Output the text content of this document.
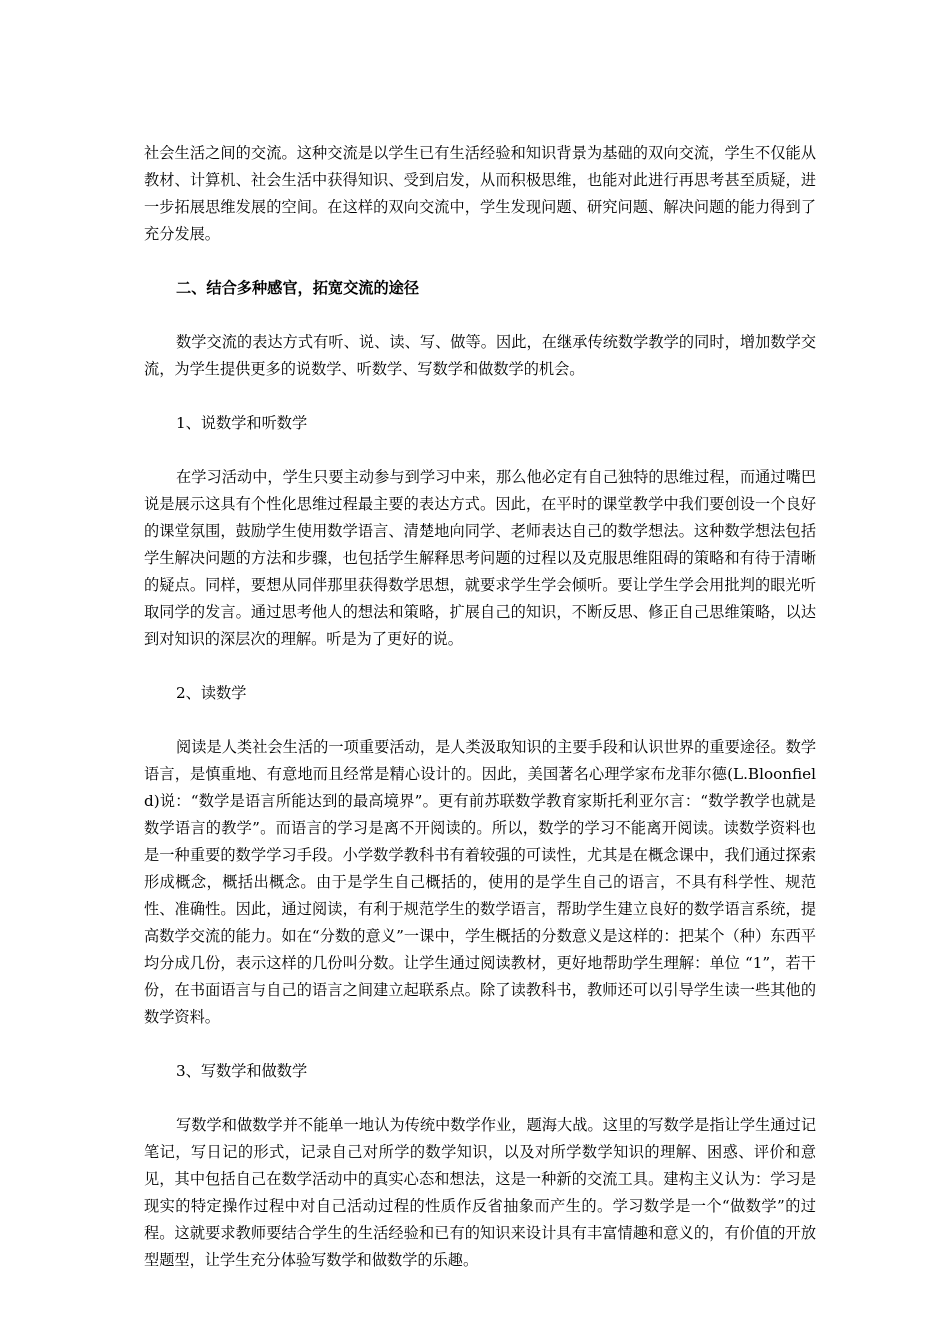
社会生活之间的交流。这种交流是以学生已有生活经验和知识背景为基础的双向交流，学生不仅能从教材、计算机、社会生活中获得知识、受到启发，从而积极思维，也能对此进行再思考甚至质疑，进一步拓展思维发展的空间。在这样的双向交流中，学生发现问题、研究问题、解决问题的能力得到了充分发展。

二、结合多种感官，拓宽交流的途径

数学交流的表达方式有听、说、读、写、做等。因此，在继承传统数学教学的同时，增加数学交流，为学生提供更多的说数学、听数学、写数学和做数学的机会。

1、说数学和听数学

在学习活动中，学生只要主动参与到学习中来，那么他必定有自己独特的思维过程，而通过嘴巴说是展示这具有个性化思维过程最主要的表达方式。因此，在平时的课堂教学中我们要创设一个良好的课堂氛围，鼓励学生使用数学语言、清楚地向同学、老师表达自己的数学想法。这种数学想法包括学生解决问题的方法和步骤，也包括学生解释思考问题的过程以及克服思维阻碍的策略和有待于清晰的疑点。同样，要想从同伴那里获得数学思想，就要求学生学会倾听。要让学生学会用批判的眼光听取同学的发言。通过思考他人的想法和策略，扩展自己的知识，不断反思、修正自己思维策略，以达到对知识的深层次的理解。听是为了更好的说。

2、读数学

阅读是人类社会生活的一项重要活动，是人类汲取知识的主要手段和认识世界的重要途径。数学语言，是慎重地、有意地而且经常是精心设计的。因此，美国著名心理学家布龙菲尔德(L.Bloonfield)说：“数学是语言所能达到的最高境界”。更有前苏联数学教育家斯托利亚尔言：“数学教学也就是数学语言的教学”。而语言的学习是离不开阅读的。所以，数学的学习不能离开阅读。读数学资料也是一种重要的数学学习手段。小学数学教科书有着较强的可读性，尤其是在概念课中，我们通过探索形成概念，概括出概念。由于是学生自己概括的，使用的是学生自己的语言，不具有科学性、规范性、准确性。因此，通过阅读，有利于规范学生的数学语言，帮助学生建立良好的数学语言系统，提高数学交流的能力。如在“分数的意义”一课中，学生概括的分数意义是这样的：把某个（种）东西平均分成几份，表示这样的几份叫分数。让学生通过阅读教材，更好地帮助学生理解：单位 “1”，若干份，在书面语言与自己的语言之间建立起联系点。除了读教科书，教师还可以引导学生读一些其他的数学资料。

3、写数学和做数学

写数学和做数学并不能单一地认为传统中数学作业，题海大战。这里的写数学是指让学生通过记笔记，写日记的形式，记录自己对所学的数学知识，以及对所学数学知识的理解、困惑、评价和意见，其中包括自己在数学活动中的真实心态和想法，这是一种新的交流工具。建构主义认为：学习是现实的特定操作过程中对自己活动过程的性质作反省抽象而产生的。学习数学是一个“做数学”的过程。这就要求教师要结合学生的生活经验和已有的知识来设计具有丰富情趣和意义的，有价值的开放型题型，让学生充分体验写数学和做数学的乐趣。
